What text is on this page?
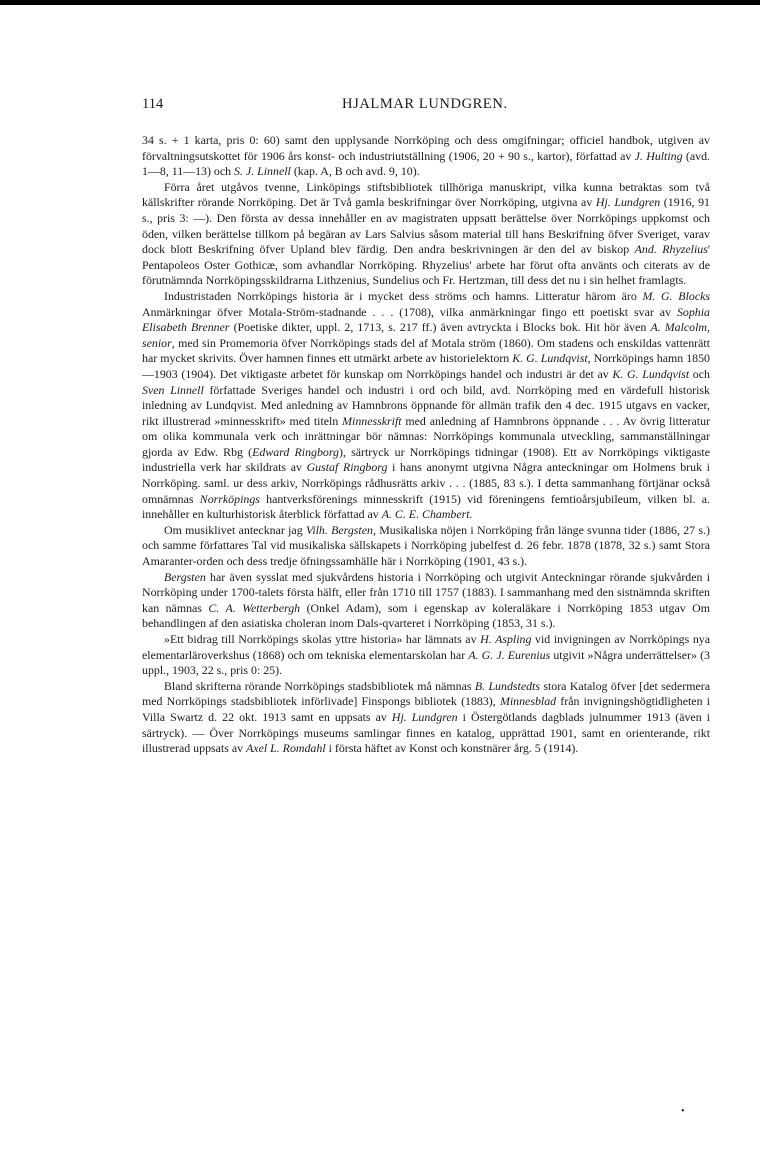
114	HJALMAR LUNDGREN.

34 s. + 1 karta, pris 0: 60) samt den upplysande Norrköping och dess omgifningar; officiel handbok, utgiven av förvaltningsutskottet för 1906 års konst- och industriutställning (1906, 20 + 90 s., kartor), författad av J. Hulting (avd. 1—8, 11—13) och S. J. Linnell (kap. A, B och avd. 9, 10).

Förra året utgåvos tvenne, Linköpings stiftsbibliotek tillhöriga manuskript, vilka kunna betraktas som två källskrifter rörande Norrköping. Det är Två gamla beskrifningar över Norrköping, utgivna av Hj. Lundgren (1916, 91 s., pris 3: —). Den första av dessa innehåller en av magistraten uppsatt berättelse över Norrköpings uppkomst och öden, vilken berättelse tillkom på begäran av Lars Salvius såsom material till hans Beskrifning öfver Sveriget, varav dock blott Beskrifning öfver Upland blev färdig. Den andra beskrivningen är den del av biskop And. Rhyzelius' Pentapoleos Oster Gothicæ, som avhandlar Norrköping. Rhyzelius' arbete har förut ofta använts och citerats av de förutnämnda Norrköpingsskildrarna Lithzenius, Sundelius och Fr. Hertzman, till dess det nu i sin helhet framlagts.

Industristaden Norrköpings historia är i mycket dess ströms och hamns. Litteratur härom äro M. G. Blocks Anmärkningar öfver Motala-Ström-stadnande . . . (1708), vilka anmärkningar fingo ett poetiskt svar av Sophia Elisabeth Brenner (Poetiske dikter, uppl. 2, 1713, s. 217 ff.) även avtryckta i Blocks bok. Hit hör även A. Malcolm, senior, med sin Promemoria öfver Norrköpings stads del af Motala ström (1860). Om stadens och enskildas vattenrätt har mycket skrivits. Över hamnen finnes ett utmärkt arbete av historielektorn K. G. Lundqvist, Norrköpings hamn 1850—1903 (1904). Det viktigaste arbetet för kunskap om Norrköpings handel och industri är det av K. G. Lundqvist och Sven Linnell författade Sveriges handel och industri i ord och bild, avd. Norrköping med en värdefull historisk inledning av Lundqvist. Med anledning av Hamnbrons öppnande för allmän trafik den 4 dec. 1915 utgavs en vacker, rikt illustrerad »minnesskrift» med titeln Minnesskrift med anledning af Hamnbrons öppnande . . . Av övrig litteratur om olika kommunala verk och inrättningar bör nämnas: Norrköpings kommunala utveckling, sammanställningar gjorda av Edw. Rbg (Edward Ringborg), särtryck ur Norrköpings tidningar (1908). Ett av Norrköpings viktigaste industriella verk har skildrats av Gustaf Ringborg i hans anonymt utgivna Några anteckningar om Holmens bruk i Norrköping. saml. ur dess arkiv, Norrköpings rådhusrätts arkiv . . . (1885, 83 s.). I detta sammanhang förtjänar också omnämnas Norrköpings hantverksförenings minnesskrift (1915) vid föreningens femtioårsjubileum, vilken bl. a. innehåller en kulturhistorisk återblick författad av A. C. E. Chambert.

Om musiklivet antecknar jag Vilh. Bergsten, Musikaliska nöjen i Norrköping från länge svunna tider (1886, 27 s.) och samme författares Tal vid musikaliska sällskapets i Norrköping jubelfest d. 26 febr. 1878 (1878, 32 s.) samt Stora Amaranter-orden och dess tredje öfningssamhälle här i Norrköping (1901, 43 s.).

Bergsten har även sysslat med sjukvårdens historia i Norrköping och utgivit Anteckningar rörande sjukvården i Norrköping under 1700-talets första hälft, eller från 1710 till 1757 (1883). I sammanhang med den sistnämnda skriften kan nämnas C. A. Wetterbergh (Onkel Adam), som i egenskap av koleraläkare i Norrköping 1853 utgav Om behandlingen af den asiatiska choleran inom Dals-qvarteret i Norrköping (1853, 31 s.).

»Ett bidrag till Norrköpings skolas yttre historia» har lämnats av H. Aspling vid invigningen av Norrköpings nya elementarläroverkshus (1868) och om tekniska elementarskolan har A. G. J. Eurenius utgivit »Några underrättelser» (3 uppl., 1903, 22 s., pris 0: 25).

Bland skrifterna rörande Norrköpings stadsbibliotek må nämnas B. Lundstedts stora Katalog öfver [det sedermera med Norrköpings stadsbibliotek införlivade] Finspongs bibliotek (1883), Minnesblad från invigningshögtidligheten i Villa Swartz d. 22 okt. 1913 samt en uppsats av Hj. Lundgren i Östergötlands dagblads julnummer 1913 (även i särtryck). — Över Norrköpings museums samlingar finnes en katalog, upprättad 1901, samt en orienterande, rikt illustrerad uppsats av Axel L. Romdahl i första häftet av Konst och konstnärer årg. 5 (1914).

•
